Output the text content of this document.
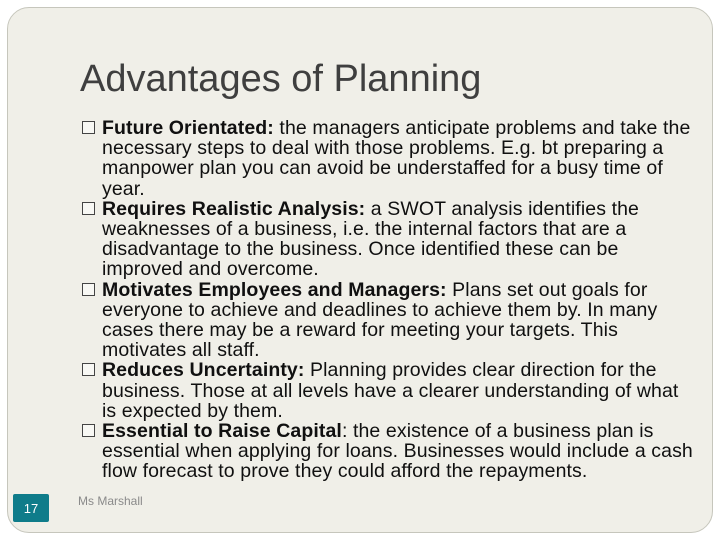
Advantages of Planning
Future Orientated: the managers anticipate problems and take the necessary steps to deal with those problems. E.g. bt preparing a manpower plan you can avoid be understaffed for a busy time of year.
Requires Realistic Analysis: a SWOT analysis identifies the weaknesses of a business, i.e. the internal factors that are a disadvantage to the business. Once identified these can be improved and overcome.
Motivates Employees and Managers: Plans set out goals for everyone to achieve and deadlines to achieve them by. In many cases there may be a reward for meeting your targets. This motivates all staff.
Reduces Uncertainty: Planning provides clear direction for the business. Those at all levels have a clearer understanding of what is expected by them.
Essential to Raise Capital: the existence of a business plan is essential when applying for loans. Businesses would include a cash flow forecast to prove they could afford the repayments.
17	Ms Marshall
